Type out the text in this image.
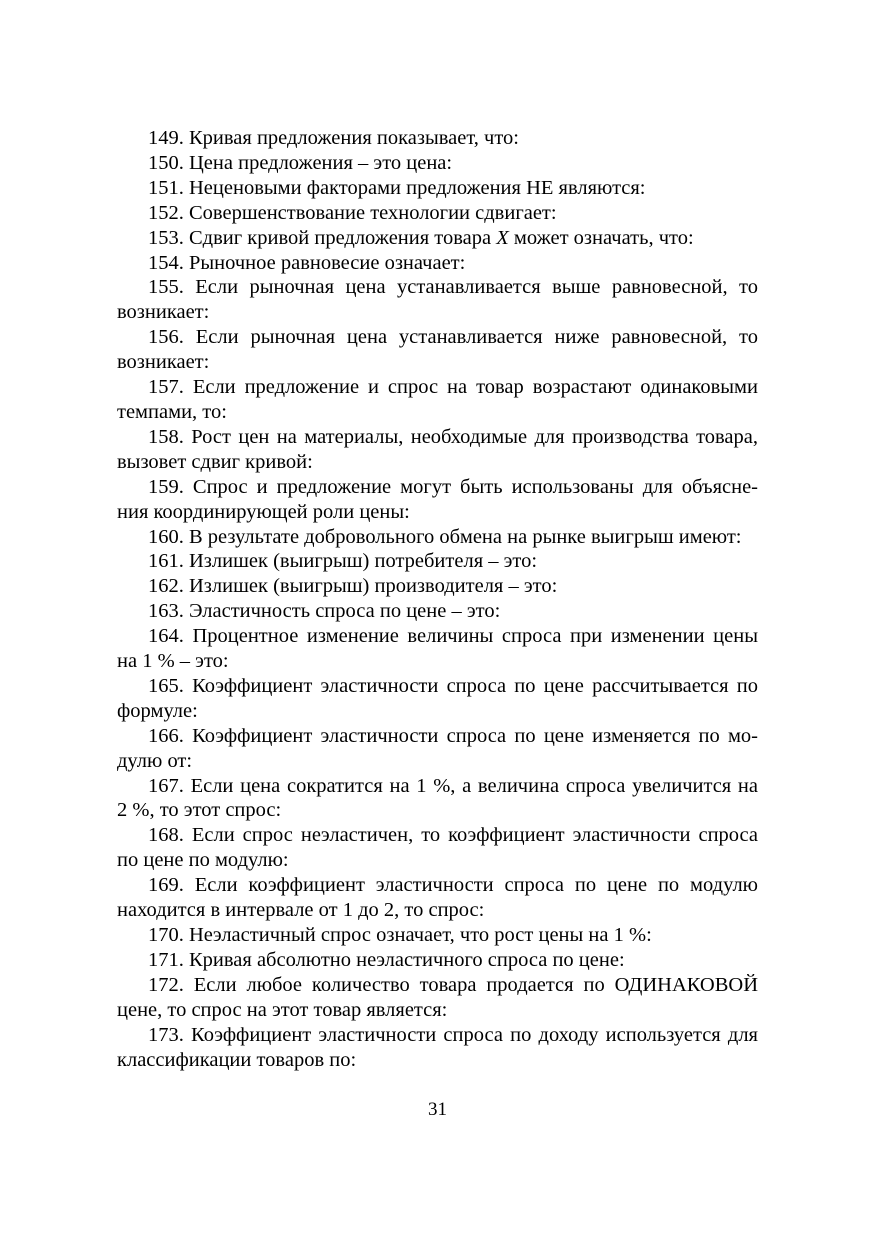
149. Кривая предложения показывает, что:
150. Цена предложения – это цена:
151. Неценовыми факторами предложения НЕ являются:
152. Совершенствование технологии сдвигает:
153. Сдвиг кривой предложения товара X может означать, что:
154. Рыночное равновесие означает:
155. Если рыночная цена устанавливается выше равновесной, то
возникает:
156. Если рыночная цена устанавливается ниже равновесной, то
возникает:
157. Если предложение и спрос на товар возрастают одинаковыми
темпами, то:
158. Рост цен на материалы, необходимые для производства товара,
вызовет сдвиг кривой:
159. Спрос и предложение могут быть использованы для объясне-
ния координирующей роли цены:
160. В результате добровольного обмена на рынке выигрыш имеют:
161. Излишек (выигрыш) потребителя – это:
162. Излишек (выигрыш) производителя – это:
163. Эластичность спроса по цене – это:
164. Процентное изменение величины спроса при изменении цены
на 1 % – это:
165. Коэффициент эластичности спроса по цене рассчитывается по
формуле:
166. Коэффициент эластичности спроса по цене изменяется по мо-
дулю от:
167. Если цена сократится на 1 %, а величина спроса увеличится на
2 %, то этот спрос:
168. Если спрос неэластичен, то коэффициент эластичности спроса
по цене по модулю:
169. Если коэффициент эластичности спроса по цене по модулю
находится в интервале от 1 до 2, то спрос:
170. Неэластичный спрос означает, что рост цены на 1 %:
171. Кривая абсолютно неэластичного спроса по цене:
172. Если любое количество товара продается по ОДИНАКОВОЙ
цене, то спрос на этот товар является:
173. Коэффициент эластичности спроса по доходу используется для
классификации товаров по:
31
